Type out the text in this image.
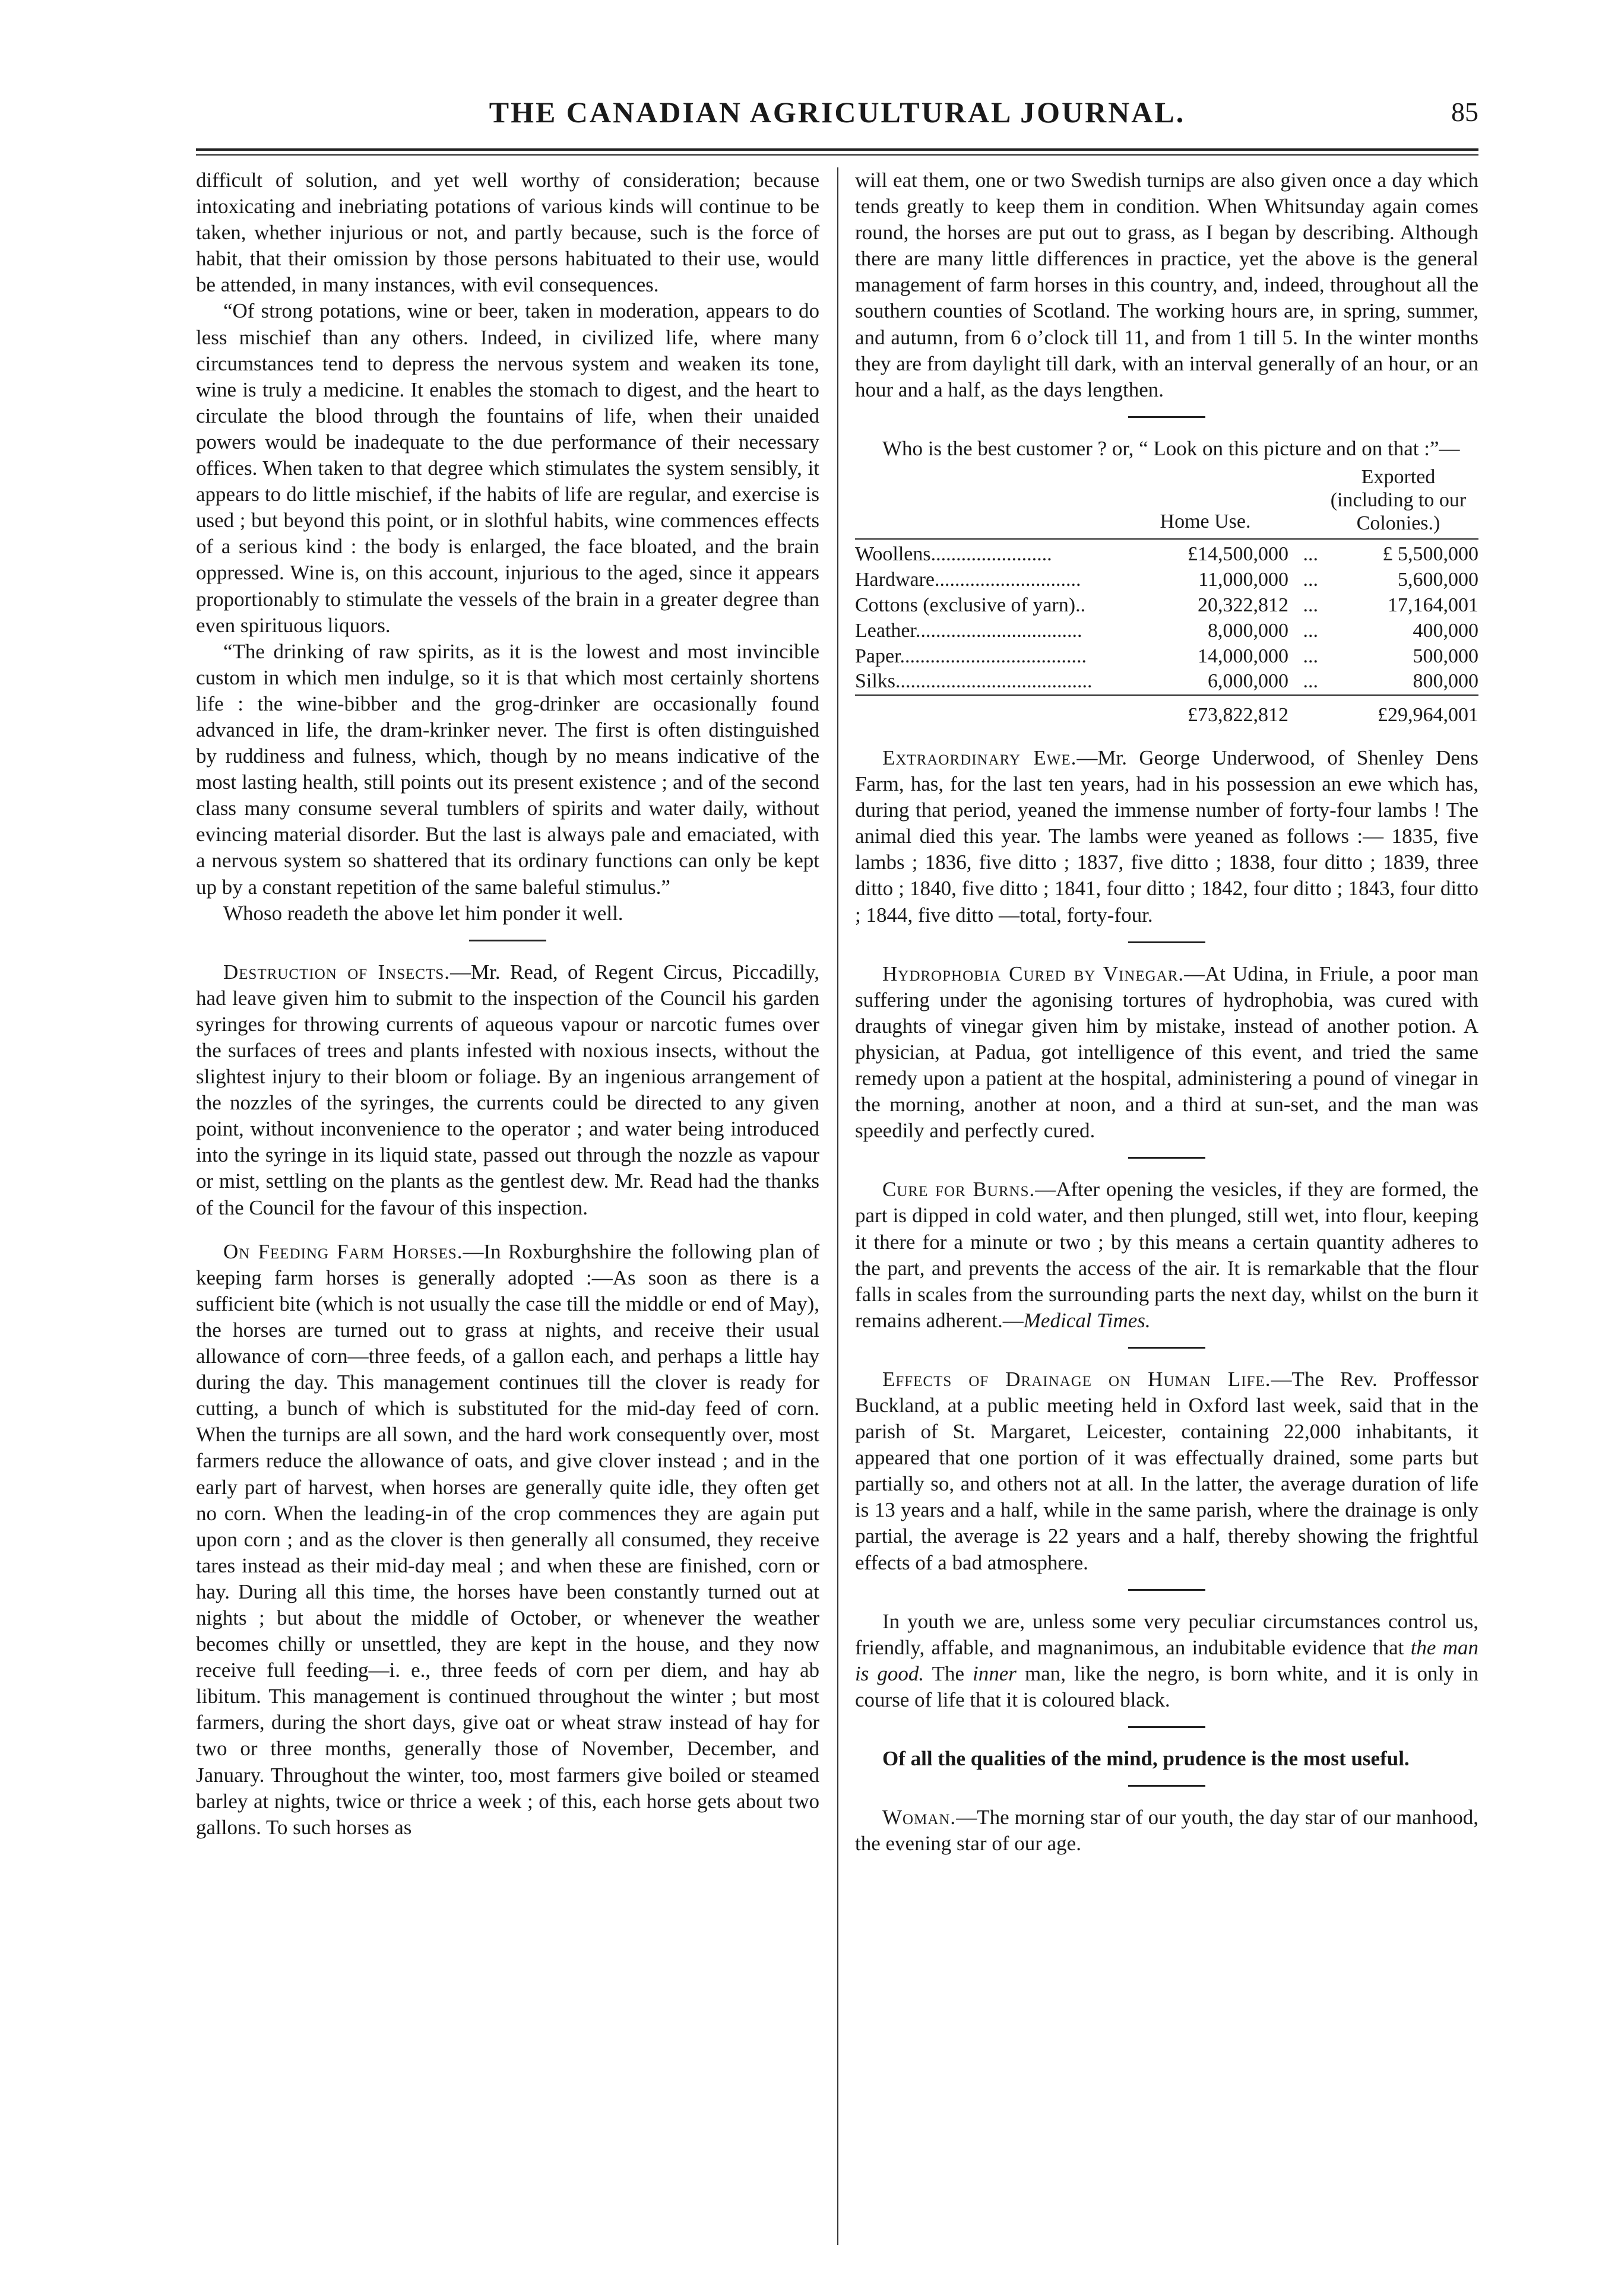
THE CANADIAN AGRICULTURAL JOURNAL.	85

difficult of solution, and yet well worthy of consideration; because intoxicating and inebriating potations of various kinds will continue to be taken, whether injurious or not, and partly because, such is the force of habit, that their omission by those persons habituated to their use, would be attended, in many instances, with evil consequences.

“Of strong potations, wine or beer, taken in moderation, appears to do less mischief than any others. Indeed, in civilized life, where many circumstances tend to depress the nervous system and weaken its tone, wine is truly a medicine. It enables the stomach to digest, and the heart to circulate the blood through the fountains of life, when their unaided powers would be inadequate to the due performance of their necessary offices. When taken to that degree which stimulates the system sensibly, it appears to do little mischief, if the habits of life are regular, and exercise is used ; but beyond this point, or in slothful habits, wine commences effects of a serious kind : the body is enlarged, the face bloated, and the brain oppressed. Wine is, on this account, injurious to the aged, since it appears proportionably to stimulate the vessels of the brain in a greater degree than even spirituous liquors.

“The drinking of raw spirits, as it is the lowest and most invincible custom in which men indulge, so it is that which most certainly shortens life : the wine-bibber and the grog-drinker are occasionally found advanced in life, the dram-krinker never. The first is often distinguished by ruddiness and fulness, which, though by no means indicative of the most lasting health, still points out its present existence ; and of the second class many consume several tumblers of spirits and water daily, without evincing material disorder. But the last is always pale and emaciated, with a nervous system so shattered that its ordinary functions can only be kept up by a constant repetition of the same baleful stimulus.”

Whoso readeth the above let him ponder it well.

Destruction of Insects.—Mr. Read, of Regent Circus, Piccadilly, had leave given him to submit to the inspection of the Council his garden syringes for throwing currents of aqueous vapour or narcotic fumes over the surfaces of trees and plants infested with noxious insects, without the slightest injury to their bloom or foliage. By an ingenious arrangement of the nozzles of the syringes, the currents could be directed to any given point, without inconvenience to the operator ; and water being introduced into the syringe in its liquid state, passed out through the nozzle as vapour or mist, settling on the plants as the gentlest dew. Mr. Read had the thanks of the Council for the favour of this inspection.

On Feeding Farm Horses.—In Roxburghshire the following plan of keeping farm horses is generally adopted :—As soon as there is a sufficient bite (which is not usually the case till the middle or end of May), the horses are turned out to grass at nights, and receive their usual allowance of corn—three feeds, of a gallon each, and perhaps a little hay during the day. This management continues till the clover is ready for cutting, a bunch of which is substituted for the mid-day feed of corn. When the turnips are all sown, and the hard work consequently over, most farmers reduce the allowance of oats, and give clover instead ; and in the early part of harvest, when horses are generally quite idle, they often get no corn. When the leading-in of the crop commences they are again put upon corn ; and as the clover is then generally all consumed, they receive tares instead as their mid-day meal ; and when these are finished, corn or hay. During all this time, the horses have been constantly turned out at nights ; but about the middle of October, or whenever the weather becomes chilly or unsettled, they are kept in the house, and they now receive full feeding—i. e., three feeds of corn per diem, and hay ab libitum. This management is continued throughout the winter ; but most farmers, during the short days, give oat or wheat straw instead of hay for two or three months, generally those of November, December, and January. Throughout the winter, too, most farmers give boiled or steamed barley at nights, twice or thrice a week ; of this, each horse gets about two gallons. To such horses as

will eat them, one or two Swedish turnips are also given once a day which tends greatly to keep them in condition. When Whitsunday again comes round, the horses are put out to grass, as I began by describing. Although there are many little differences in practice, yet the above is the general management of farm horses in this country, and, indeed, throughout all the southern counties of Scotland. The working hours are, in spring, summer, and autumn, from 6 o’clock till 11, and from 1 till 5. In the winter months they are from daylight till dark, with an interval generally of an hour, or an hour and a half, as the days lengthen.

Who is the best customer ? or, “ Look on this picture and on that :”—

	Home Use.		Exported (including to our Colonies.)
Woollens........................	£14,500,000	...	£ 5,500,000
Hardware.............................	11,000,000	...	5,600,000
Cottons (exclusive of yarn)..	20,322,812	...	17,164,001
Leather.................................	8,000,000	...	400,000
Paper.....................................	14,000,000	...	500,000
Silks.......................................	6,000,000	...	800,000
	£73,822,812		£29,964,001

Extraordinary Ewe.—Mr. George Underwood, of Shenley Dens Farm, has, for the last ten years, had in his possession an ewe which has, during that period, yeaned the immense number of forty-four lambs ! The animal died this year. The lambs were yeaned as follows :— 1835, five lambs ; 1836, five ditto ; 1837, five ditto ; 1838, four ditto ; 1839, three ditto ; 1840, five ditto ; 1841, four ditto ; 1842, four ditto ; 1843, four ditto ; 1844, five ditto —total, forty-four.

Hydrophobia Cured by Vinegar.—At Udina, in Friule, a poor man suffering under the agonising tortures of hydrophobia, was cured with draughts of vinegar given him by mistake, instead of another potion. A physician, at Padua, got intelligence of this event, and tried the same remedy upon a patient at the hospital, administering a pound of vinegar in the morning, another at noon, and a third at sun-set, and the man was speedily and perfectly cured.

Cure for Burns.—After opening the vesicles, if they are formed, the part is dipped in cold water, and then plunged, still wet, into flour, keeping it there for a minute or two ; by this means a certain quantity adheres to the part, and prevents the access of the air. It is remarkable that the flour falls in scales from the surrounding parts the next day, whilst on the burn it remains adherent.—Medical Times.

Effects of Drainage on Human Life.—The Rev. Proffessor Buckland, at a public meeting held in Oxford last week, said that in the parish of St. Margaret, Leicester, containing 22,000 inhabitants, it appeared that one portion of it was effectually drained, some parts but partially so, and others not at all. In the latter, the average duration of life is 13 years and a half, while in the same parish, where the drainage is only partial, the average is 22 years and a half, thereby showing the frightful effects of a bad atmosphere.

In youth we are, unless some very peculiar circumstances control us, friendly, affable, and magnanimous, an indubitable evidence that the man is good. The inner man, like the negro, is born white, and it is only in course of life that it is coloured black.

Of all the qualities of the mind, prudence is the most useful.

Woman.—The morning star of our youth, the day star of our manhood, the evening star of our age.
